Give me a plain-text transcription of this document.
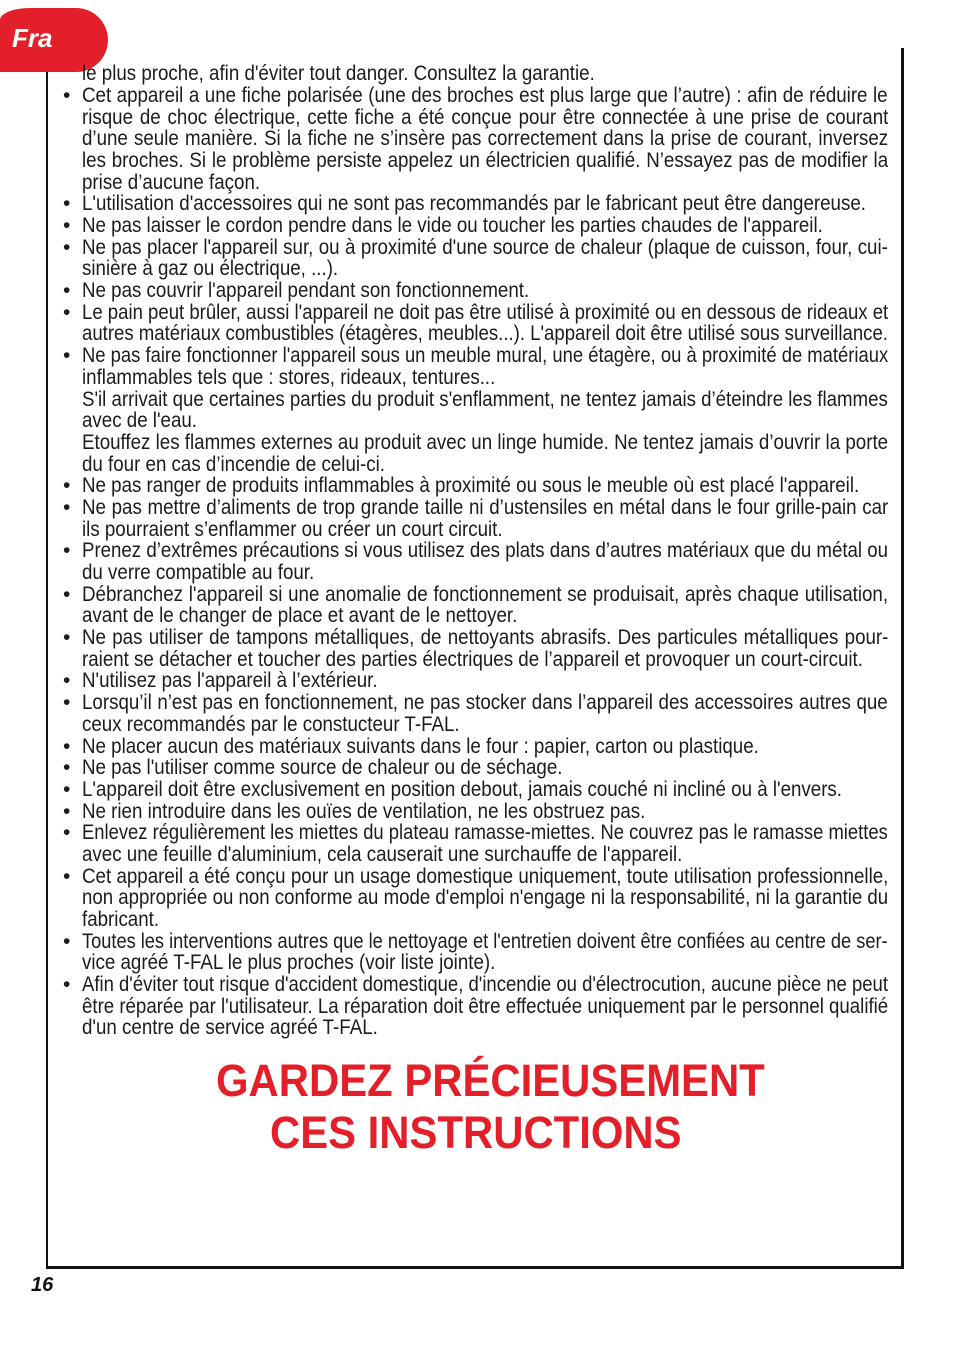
Fra
le plus proche, afin d'éviter tout danger. Consultez la garantie.
•
Cet appareil a une fiche polarisée (une des broches est plus large que l’autre) : afin de réduire le
risque de choc électrique, cette fiche a été conçue pour être connectée à une prise de courant
d’une seule manière. Si la fiche ne s’insère pas correctement dans la prise de courant, inversez
les broches. Si le problème persiste appelez un électricien qualifié. N’essayez pas de modifier la
prise d’aucune façon.
•
L'utilisation d'accessoires qui ne sont pas recommandés par le fabricant peut être dangereuse.
•
Ne pas laisser le cordon pendre dans le vide ou toucher les parties chaudes de l'appareil.
•
Ne pas placer l'appareil sur, ou à proximité d'une source de chaleur (plaque de cuisson, four, cui-
sinière à gaz ou électrique, ...).
•
Ne pas couvrir l'appareil pendant son fonctionnement.
•
Le pain peut brûler, aussi l'appareil ne doit pas être utilisé à proximité ou en dessous de rideaux et
autres matériaux combustibles (étagères, meubles...). L'appareil doit être utilisé sous surveillance.
•
Ne pas faire fonctionner l'appareil sous un meuble mural, une étagère, ou à proximité de matériaux
inflammables tels que : stores, rideaux, tentures...
S'il arrivait que certaines parties du produit s'enflamment, ne tentez jamais d’éteindre les flammes
avec de l'eau.
Etouffez les flammes externes au produit avec un linge humide. Ne tentez jamais d’ouvrir la porte
du four en cas d’incendie de celui-ci.
•
Ne pas ranger de produits inflammables à proximité ou sous le meuble où est placé l'appareil.
•
Ne pas mettre d’aliments de trop grande taille ni d’ustensiles en métal dans le four grille-pain car
ils pourraient s’enflammer ou créer un court circuit.
•
Prenez d’extrêmes précautions si vous utilisez des plats dans d’autres matériaux que du métal ou
du verre compatible au four.
•
Débranchez l'appareil si une anomalie de fonctionnement se produisait, après chaque utilisation,
avant de le changer de place et avant de le nettoyer.
•
Ne pas utiliser de tampons métalliques, de nettoyants abrasifs. Des particules métalliques pour-
raient se détacher et toucher des parties électriques de l’appareil et provoquer un court-circuit.
•
N'utilisez pas l'appareil à l’extérieur.
•
Lorsqu’il n’est pas en fonctionnement, ne pas stocker dans l’appareil des accessoires autres que
ceux recommandés par le constucteur T-FAL.
•
Ne placer aucun des matériaux suivants dans le four : papier, carton ou plastique.
•
Ne pas l'utiliser comme source de chaleur ou de séchage.
•
L'appareil doit être exclusivement en position debout, jamais couché ni incliné ou à l'envers.
•
Ne rien introduire dans les ouïes de ventilation, ne les obstruez pas.
•
Enlevez régulièrement les miettes du plateau ramasse-miettes. Ne couvrez pas le ramasse miettes
avec une feuille d'aluminium, cela causerait une surchauffe de l'appareil.
•
Cet appareil a été conçu pour un usage domestique uniquement, toute utilisation professionnelle,
non appropriée ou non conforme au mode d'emploi n'engage ni la responsabilité, ni la garantie du
fabricant.
•
Toutes les interventions autres que le nettoyage et l'entretien doivent être confiées au centre de ser-
vice agréé T-FAL le plus proches (voir liste jointe).
•
Afin d'éviter tout risque d'accident domestique, d'incendie ou d'électrocution, aucune pièce ne peut
être réparée par l'utilisateur. La réparation doit être effectuée uniquement par le personnel qualifié
d'un centre de service agréé T-FAL.
GARDEZ PRÉCIEUSEMENT
CES INSTRUCTIONS
16
